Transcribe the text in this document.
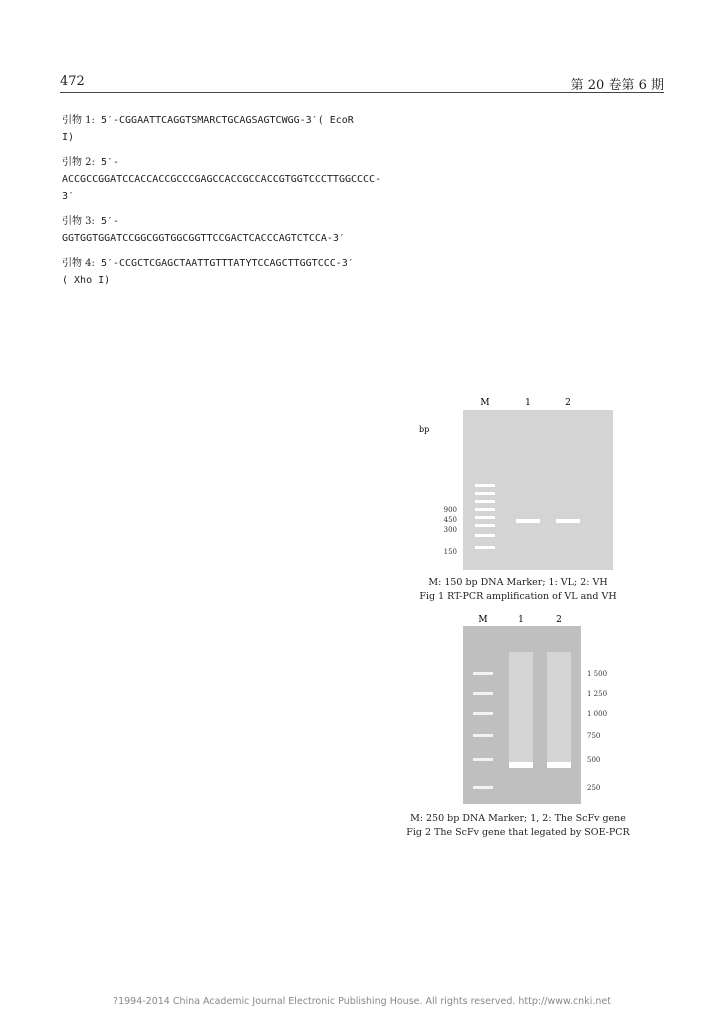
472	第 20 卷第 6 期

引物 1: 5′-CGGAATTCAGGTSMARCTGCAGSAGTCWGG-3′( EcoR I)

引物 2: 5′-ACCGCCGGATCCACCACCGCCCGAGCCACCGCCACCGTGGTCCCTTGGCCCC-3′

引物 3: 5′-GGTGGTGGATCCGGCGGTGGCGGTTCCGACTCACCCAGTCTCCA-3′

引物 4: 5′-CCGCTCGAGCTAATTGTTTATYTCCAGCTTGGTCCC-3′( Xho I)

M	1	2
bp
900
450
300
150
M: 150 bp DNA Marker; 1: VL; 2: VH
Fig 1 RT-PCR amplification of VL and VH
M	1	2
1 500
1 250
1 000
750
500
250
M: 250 bp DNA Marker; 1, 2: The ScFv gene
Fig 2 The ScFv gene that legated by SOE-PCR
?1994-2014 China Academic Journal Electronic Publishing House. All rights reserved. http://www.cnki.net
